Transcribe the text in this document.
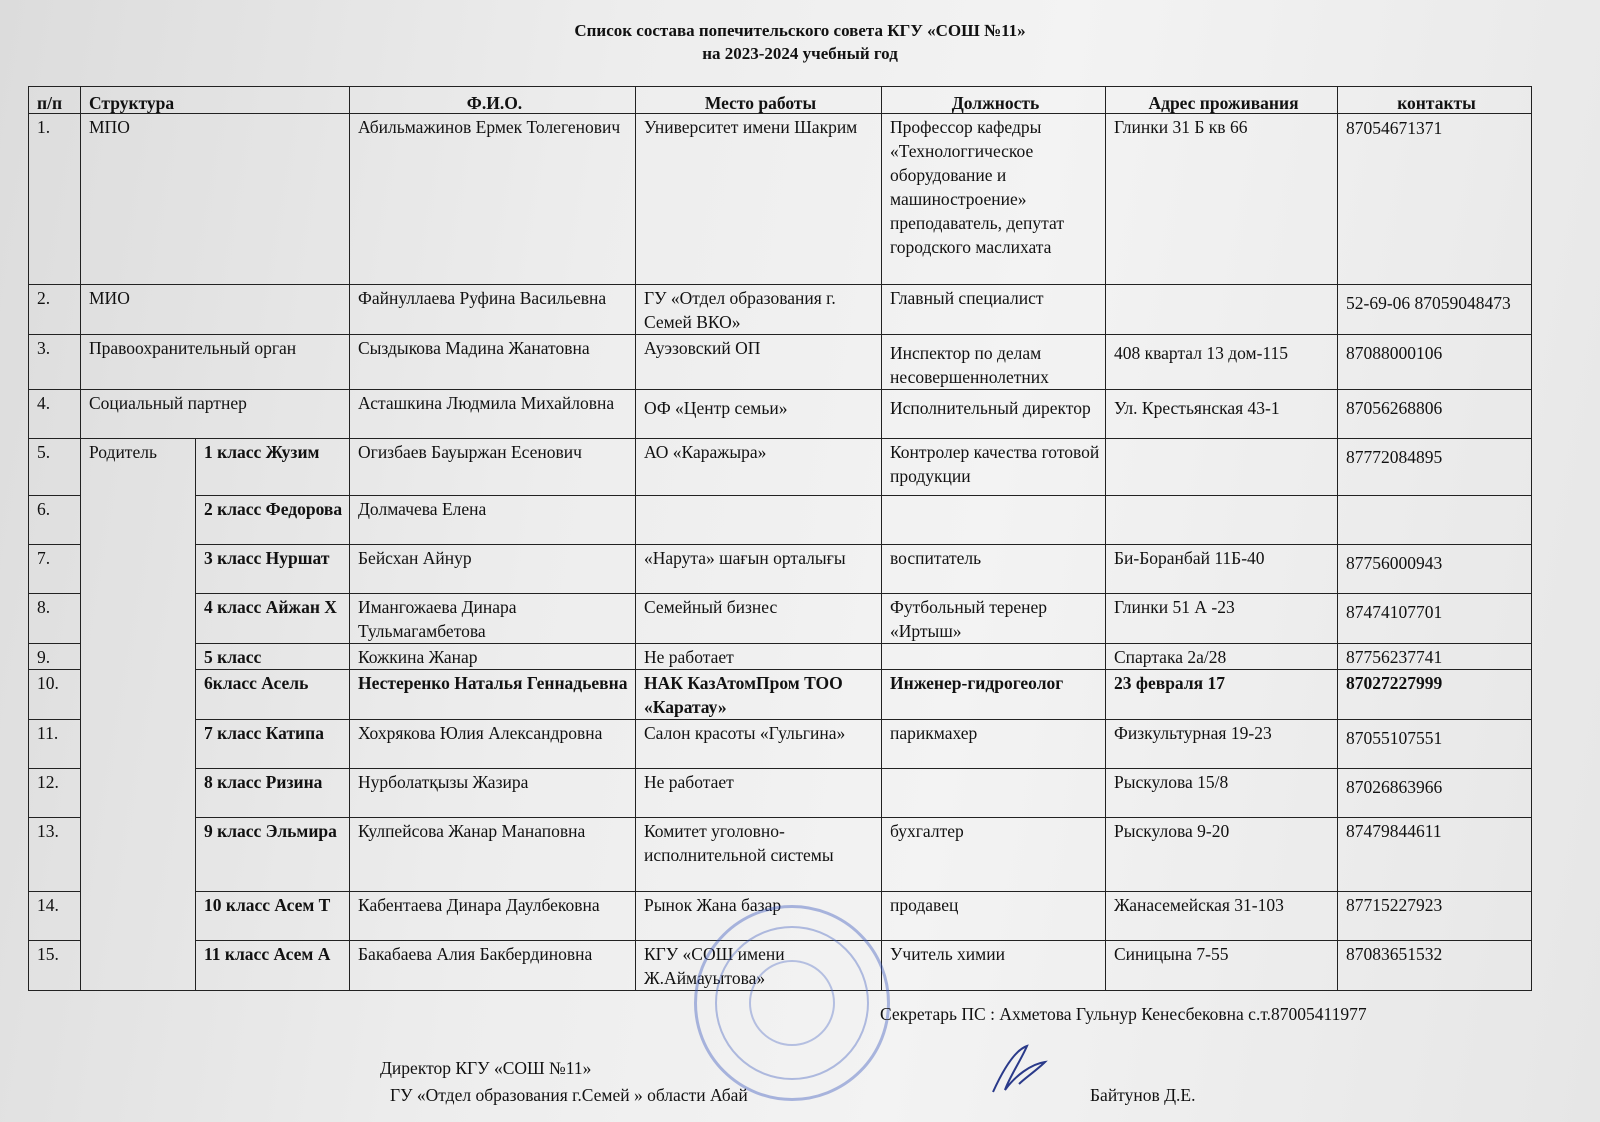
Список состава попечительского совета КГУ «СОШ №11»
на 2023-2024 учебный год
п/п	Структура		Ф.И.О.	Место работы	Должность	Адрес проживания	контакты
1.	МПО		Абильмажинов Ермек Толегенович	Университет имени Шакрим	Профессор кафедры «Технологгическое оборудование и машиностроение» преподаватель, депутат городского маслихата	Глинки 31 Б кв 66	87054671371
2.	МИО		Файнуллаева Руфина Васильевна	ГУ «Отдел образования г. Семей ВКО»	Главный специалист		52-69-06 87059048473
3.	Правоохранительный орган		Сыздыкова Мадина Жанатовна	Ауэзовский ОП	Инспектор по делам несовершеннолетних	408 квартал 13 дом-115	87088000106
4.	Социальный партнер		Асташкина Людмила Михайловна	ОФ «Центр семьи»	Исполнительный директор	Ул. Крестьянская 43-1	87056268806
5.	Родитель	1 класс Жузим	Огизбаев Бауыржан Есенович	АО «Каражыра»	Контролер качества готовой продукции		87772084895
6.		2 класс Федорова	Долмачева Елена				
7.		3 класс Нуршат	Бейсхан Айнур	«Нарута» шағын орталығы	воспитатель	Би-Боранбай 11Б-40	87756000943
8.		4 класс Айжан Х	Имангожаева Динара Тульмагамбетова	Семейный бизнес	Футбольный теренер «Иртыш»	Глинки 51 А -23	87474107701
9.		5 класс	Кожкина Жанар	Не работает		Спартака 2а/28	87756237741
10.		6класс Асель	Нестеренко Наталья Геннадьевна	НАК КазАтомПром ТОО «Каратау»	Инженер-гидрогеолог	23 февраля 17	87027227999
11.		7 класс Катипа	Хохрякова Юлия Александровна	Салон красоты «Гульгина»	парикмахер	Физкультурная 19-23	87055107551
12.		8 класс Ризина	Нурболатқызы Жазира	Не работает		Рыскулова 15/8	87026863966
13.		9 класс Эльмира	Кулпейсова Жанар Манаповна	Комитет уголовно-исполнительной системы	бухгалтер	Рыскулова 9-20	87479844611
14.		10 класс Асем Т	Кабентаева Динара Даулбековна	Рынок Жана базар	продавец	Жанасемейская 31-103	87715227923
15.		11 класс Асем А	Бакабаева Алия Бакбердиновна	КГУ «СОШ имени Ж.Аймауытова»	Учитель химии	Синицына 7-55	87083651532
Секретарь ПС : Ахметова Гульнур Кенесбековна с.т.87005411977
Директор КГУ «СОШ №11»
ГУ «Отдел образования г.Семей » области Абай	Байтунов Д.Е.
